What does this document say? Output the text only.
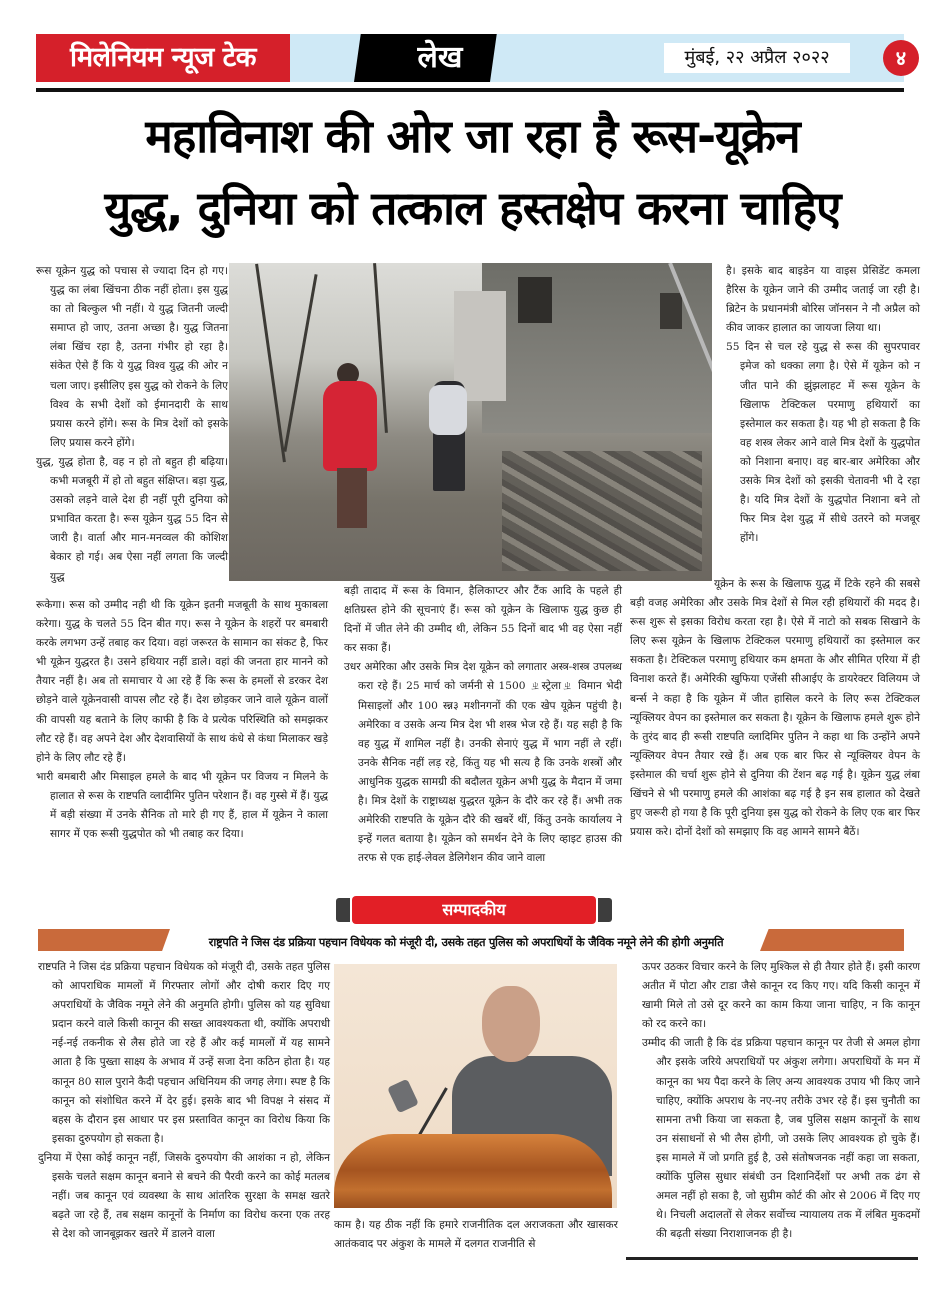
मिलेनियम न्यूज टेक	लेख	मुंबई, २२ अप्रैल २०२२	४
महाविनाश की ओर जा रहा है रूस-यूक्रेन
युद्ध, दुनिया को तत्काल हस्तक्षेप करना चाहिए

रूस यूक्रेन युद्ध को पचास से ज्यादा दिन हो गए। युद्ध का लंबा खिंचना ठीक नहीं होता। इस युद्ध का तो बिल्कुल भी नहीं। ये युद्ध जितनी जल्दी समाप्त हो जाए, उतना अच्छा है। युद्ध जितना लंबा खिंच रहा है, उतना गंभीर हो रहा है। संकेत ऐसे हैं कि ये युद्ध विश्व युद्ध की ओर न चला जाए। इसीलिए इस युद्ध को रोकने के लिए विश्व के सभी देशों को ईमानदारी के साथ प्रयास करने होंगे। रूस के मित्र देशों को इसके लिए प्रयास करने होंगे।

युद्ध, युद्ध होता है, वह न हो तो बहुत ही बढ़िया। कभी मजबूरी में हो तो बहुत संक्षिप्त। बड़ा युद्ध, उसको लड़ने वाले देश ही नहीं पूरी दुनिया को प्रभावित करता है। रूस यूक्रेन युद्ध 55 दिन से जारी है। वार्ता और मान-मनव्वल की कोशिश बेकार हो गई। अब ऐसा नहीं लगता कि जल्दी युद्ध

रूकेगा। रूस को उम्मीद नही थी कि यूक्रेन इतनी मजबूती के साथ मुकाबला करेगा। युद्ध के चलते 55 दिन बीत गए। रूस ने यूक्रेन के शहरों पर बमबारी करके लगभग उन्हें तबाह कर दिया। वहां जरूरत के सामान का संकट है, फिर भी यूक्रेन युद्धरत है। उसने हथियार नहीं डाले। वहां की जनता हार मानने को तैयार नहीं है। अब तो समाचार ये आ रहे हैं कि रूस के हमलों से डरकर देश छोड़ने वाले यूक्रेनवासी वापस लौट रहे हैं। देश छोड़कर जाने वाले यूक्रेन वालों की वापसी यह बताने के लिए काफी है कि वे प्रत्येक परिस्थिति को समझकर लौट रहे हैं। वह अपने देश और देशवासियों के साथ कंधे से कंधा मिलाकर खड़े होने के लिए लौट रहे हैं।

भारी बमबारी और मिसाइल हमले के बाद भी यूक्रेन पर विजय न मिलने के हालात से रूस के राष्टपति व्लादीमिर पुतिन परेशान हैं। वह गुस्से में हैं। युद्ध में बड़ी संख्या में उनके सैनिक तो मारे ही गए हैं, हाल में यूक्रेन ने काला सागर में एक रूसी युद्धपोत को भी तबाह कर दिया।

बड़ी तादाद में रूस के विमान, हैलिकाप्टर और टैंक आदि के पहले ही क्षतिग्रस्त होने की सूचनाएं हैं। रूस को यूक्रेन के खिलाफ युद्ध कुछ ही दिनों में जीत लेने की उम्मीद थी, लेकिन 55 दिनों बाद भी वह ऐसा नहीं कर सका हैं।

उधर अमेरिका और उसके मित्र देश यूक्रेन को लगातार अस्त्र-शस्त्र उपलब्ध करा रहे हैं। 25 मार्च को जर्मनी से 1500 ㄓस्ट्रेलाㄓ विमान भेदी मिसाइलों और 100 स्न्न३ मशीनगनों की एक खेप यूक्रेन पहुंची है। अमेरिका व उसके अन्य मित्र देश भी शस्त्र भेज रहे हैं। यह सही है कि वह युद्ध में शामिल नहीं है। उनकी सेनाएं युद्ध में भाग नहीं ले रहीं। उनके सैनिक नहीं लड़ रहे, किंतु यह भी सत्य है कि उनके शस्त्रों और आधुनिक युद्धक सामग्री की बदौलत यूक्रेन अभी युद्ध के मैदान में जमा है। मित्र देशों के राष्ट्राध्यक्ष युद्धरत यूक्रेन के दौरे कर रहे हैं। अभी तक अमेरिकी राष्टपति के यूक्रेन दौरे की खबरें थीं, किंतु उनके कार्यालय ने इन्हें गलत बताया है। यूक्रेन को समर्थन देने के लिए व्हाइट हाउस की तरफ से एक हाई-लेवल डेलिगेशन कीव जाने वाला

है। इसके बाद बाइडेन या वाइस प्रेसिडेंट कमला हैरिस के यूक्रेन जाने की उम्मीद जताई जा रही है। ब्रिटेन के प्रधानमंत्री बोरिस जॉनसन ने नौ अप्रैल को कीव जाकर हालात का जायजा लिया था।

55 दिन से चल रहे युद्ध से रूस की सुपरपावर इमेज को धक्का लगा है। ऐसे में यूक्रेन को न जीत पाने की झुंझलाहट में रूस यूक्रेन के खिलाफ टेक्टिकल परमाणु हथियारों का इस्तेमाल कर सकता है। यह भी हो सकता है कि वह शस्त्र लेकर आने वाले मित्र देशों के युद्धपोत को निशाना बनाए। वह बार-बार अमेरिका और उसके मित्र देशों को इसकी चेतावनी भी दे रहा है। यदि मित्र देशों के युद्धपोत निशाना बने तो फिर मित्र देश युद्ध में सीधे उतरने को मजबूर होंगे।

यूक्रेन के रूस के खिलाफ युद्ध में टिके रहने की सबसे बड़ी वजह अमेरिका और उसके मित्र देशों से मिल रही हथियारों की मदद है। रूस शुरू से इसका विरोध करता रहा है। ऐसे में नाटो को सबक सिखाने के लिए रूस यूक्रेन के खिलाफ टेक्टिकल परमाणु हथियारों का इस्तेमाल कर सकता है। टेक्टिकल परमाणु हथियार कम क्षमता के और सीमित एरिया में ही विनाश करते हैं। अमेरिकी खुफिया एजेंसी सीआईए के डायरेक्टर विलियम जे बर्न्स ने कहा है कि यूक्रेन में जीत हासिल करने के लिए रूस टेक्टिकल न्यूक्लियर वेपन का इस्तेमाल कर सकता है। यूक्रेन के खिलाफ हमले शुरू होने के तुरंद बाद ही रूसी राष्टपति व्लादिमिर पुतिन ने कहा था कि उन्होंने अपने न्यूक्लियर वेपन तैयार रखे हैं। अब एक बार फिर से न्यूक्लियर वेपन के इस्तेमाल की चर्चा शुरू होने से दुनिया की टेंशन बढ़ गई है। यूक्रेन युद्ध लंबा खिंचने से भी परमाणु हमले की आशंका बढ़ गई है इन सब हालात को देखते हुए जरूरी हो गया है कि पूरी दुनिया इस युद्ध को रोकने के लिए एक बार फिर प्रयास करे। दोनों देशों को समझाए कि वह आमने सामने बैठें।

सम्पादकीय
राष्ट्रपति ने जिस दंड प्रक्रिया पहचान विधेयक को मंजूरी दी, उसके तहत पुलिस को अपराधियों के जैविक नमूने लेने की होगी अनुमति

राष्टपति ने जिस दंड प्रक्रिया पहचान विधेयक को मंजूरी दी, उसके तहत पुलिस को आपराधिक मामलों में गिरफ्तार लोगों और दोषी करार दिए गए अपराधियों के जैविक नमूने लेने की अनुमति होगी। पुलिस को यह सुविधा प्रदान करने वाले किसी कानून की सख्त आवश्यकता थी, क्योंकि अपराधी नई-नई तकनीक से लैस होते जा रहे हैं और कई मामलों में यह सामने आता है कि पुख्ता साक्ष्य के अभाव में उन्हें सजा देना कठिन होता है। यह कानून 80 साल पुराने कैदी पहचान अधिनियम की जगह लेगा। स्पष्ट है कि कानून को संशोधित करने में देर हुई। इसके बाद भी विपक्ष ने संसद में बहस के दौरान इस आधार पर इस प्रस्तावित कानून का विरोध किया कि इसका दुरुपयोग हो सकता है।

दुनिया में ऐसा कोई कानून नहीं, जिसके दुरुपयोग की आशंका न हो, लेकिन इसके चलते सक्षम कानून बनाने से बचने की पैरवी करने का कोई मतलब नहीं। जब कानून एवं व्यवस्था के साथ आंतरिक सुरक्षा के समक्ष खतरे बढ़ते जा रहे हैं, तब सक्षम कानूनों के निर्माण का विरोध करना एक तरह से देश को जानबूझकर खतरे में डालने वाला

काम है। यह ठीक नहीं कि हमारे राजनीतिक दल अराजकता और खासकर आतंकवाद पर अंकुश के मामले में दलगत राजनीति से

ऊपर उठकर विचार करने के लिए मुश्किल से ही तैयार होते हैं। इसी कारण अतीत में पोटा और टाडा जैसे कानून रद किए गए। यदि किसी कानून में खामी मिले तो उसे दूर करने का काम किया जाना चाहिए, न कि कानून को रद करने का।

उम्मीद की जाती है कि दंड प्रक्रिया पहचान कानून पर तेजी से अमल होगा और इसके जरिये अपराधियों पर अंकुश लगेगा। अपराधियों के मन में कानून का भय पैदा करने के लिए अन्य आवश्यक उपाय भी किए जाने चाहिए, क्योंकि अपराध के नए-नए तरीके उभर रहे हैं। इस चुनौती का सामना तभी किया जा सकता है, जब पुलिस सक्षम कानूनों के साथ उन संसाधनों से भी लैस होगी, जो उसके लिए आवश्यक हो चुके हैं। इस मामले में जो प्रगति हुई है, उसे संतोषजनक नहीं कहा जा सकता, क्योंकि पुलिस सुधार संबंधी उन दिशानिर्देशों पर अभी तक ढंग से अमल नहीं हो सका है, जो सुप्रीम कोर्ट की ओर से 2006 में दिए गए थे। निचली अदालतों से लेकर सर्वोच्च न्यायालय तक में लंबित मुकदमों की बढ़ती संख्या निराशाजनक ही है।
